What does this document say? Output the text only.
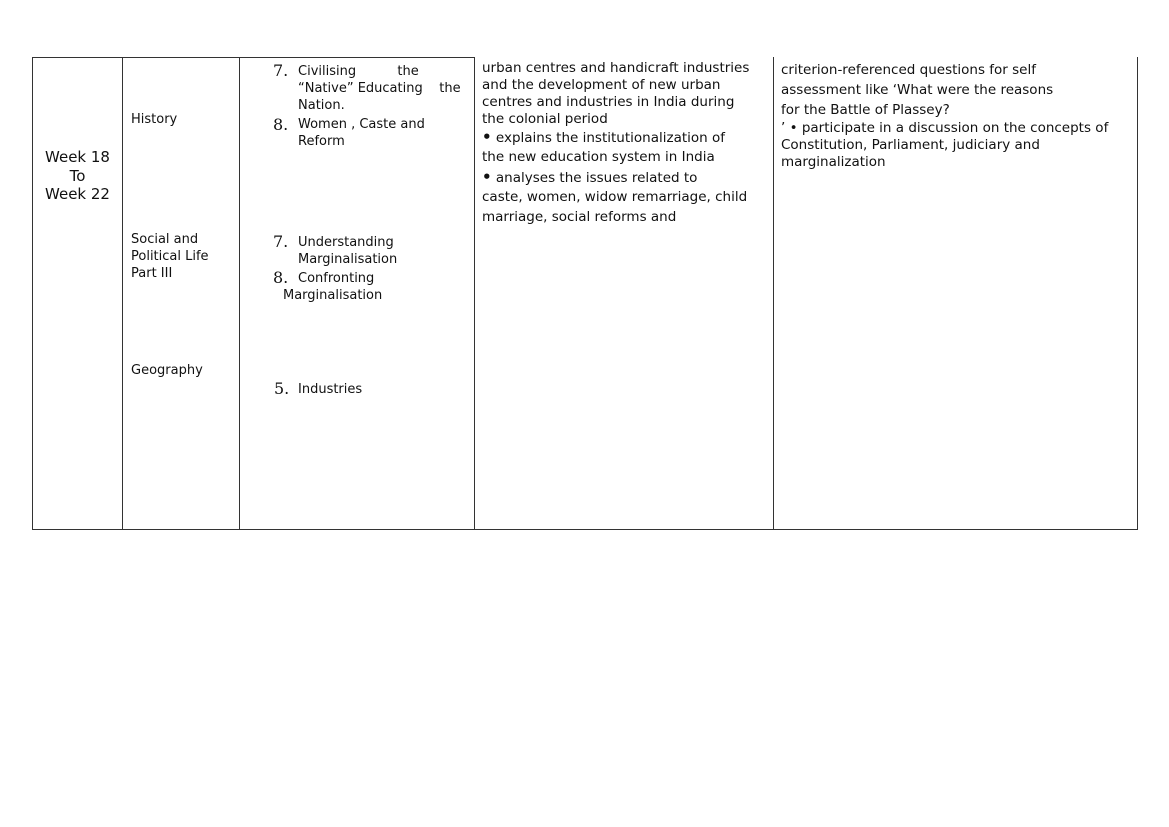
Week 18
To
Week 22
History
Social and
Political Life
Part III
Geography
7. Civilising          the
“Native” Educating    the
Nation.
8. Women , Caste and
Reform
7. Understanding
Marginalisation
8. Confronting
Marginalisation
5. Industries
urban centres and handicraft industries
and the development of new urban
centres and industries in India during
the colonial period
• explains the institutionalization of
the new education system in India
• analyses the issues related to
caste, women, widow remarriage, child
marriage, social reforms and
criterion-referenced questions for self
assessment like ‘What were the reasons
for the Battle of Plassey?
’ • participate in a discussion on the concepts of
Constitution, Parliament, judiciary and
marginalization
